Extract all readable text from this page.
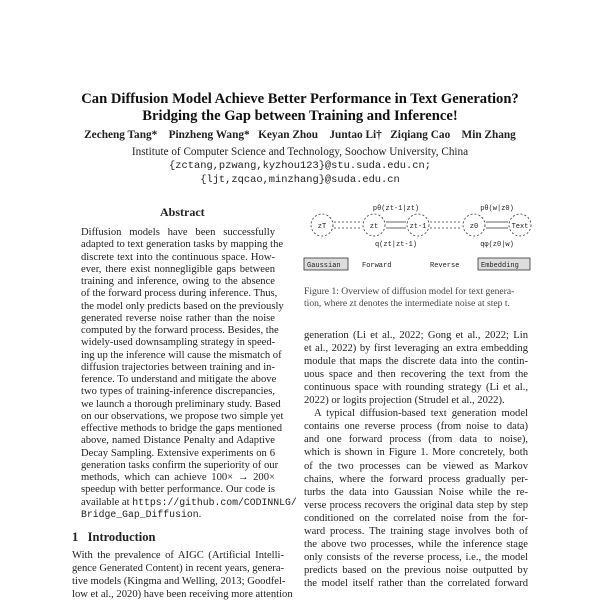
Can Diffusion Model Achieve Better Performance in Text Generation?
Bridging the Gap between Training and Inference!
Zecheng Tang*    Pinzheng Wang*   Keyan Zhou    Juntao Li†   Ziqiang Cao    Min Zhang
Institute of Computer Science and Technology, Soochow University, China
{zctang,pzwang,kyzhou123}@stu.suda.edu.cn;
{ljt,zqcao,minzhang}@suda.edu.cn
Abstract
Diffusion models have been successfully
adapted to text generation tasks by mapping the
discrete text into the continuous space. How-
ever, there exist nonnegligible gaps between
training and inference, owing to the absence
of the forward process during inference. Thus,
the model only predicts based on the previously
generated reverse noise rather than the noise
computed by the forward process. Besides, the
widely-used downsampling strategy in speed-
ing up the inference will cause the mismatch of
diffusion trajectories between training and in-
ference. To understand and mitigate the above
two types of training-inference discrepancies,
we launch a thorough preliminary study. Based
on our observations, we propose two simple yet
effective methods to bridge the gaps mentioned
above, named Distance Penalty and Adaptive
Decay Sampling. Extensive experiments on 6
generation tasks confirm the superiority of our
methods, which can achieve 100× → 200×
speedup with better performance. Our code is
available at https://github.com/CODINNLG/
Bridge_Gap_Diffusion.
1   Introduction
With the prevalence of AIGC (Artificial Intelli-
gence Generated Content) in recent years, genera-
tive models (Kingma and Welling, 2013; Goodfel-
low et al., 2020) have been receiving more attention
zT	zt	zt-1	z0	Text
pθ(zt-1|zt)	pθ(w|z0)
q(zt|zt-1)	qφ(z0|w)
Gaussian	Forward	Reverse	Embedding
Figure 1: Overview of diffusion model for text genera-
tion, where zt denotes the intermediate noise at step t.
generation (Li et al., 2022; Gong et al., 2022; Lin
et al., 2022) by first leveraging an extra embedding
module that maps the discrete data into the contin-
uous space and then recovering the text from the
continuous space with rounding strategy (Li et al.,
2022) or logits projection (Strudel et al., 2022).
A typical diffusion-based text generation model
contains one reverse process (from noise to data)
and one forward process (from data to noise),
which is shown in Figure 1. More concretely, both
of the two processes can be viewed as Markov
chains, where the forward process gradually per-
turbs the data into Gaussian Noise while the re-
verse process recovers the original data step by step
conditioned on the correlated noise from the for-
ward process. The training stage involves both of
the above two processes, while the inference stage
only consists of the reverse process, i.e., the model
predicts based on the previous noise outputted by
the model itself rather than the correlated forward
